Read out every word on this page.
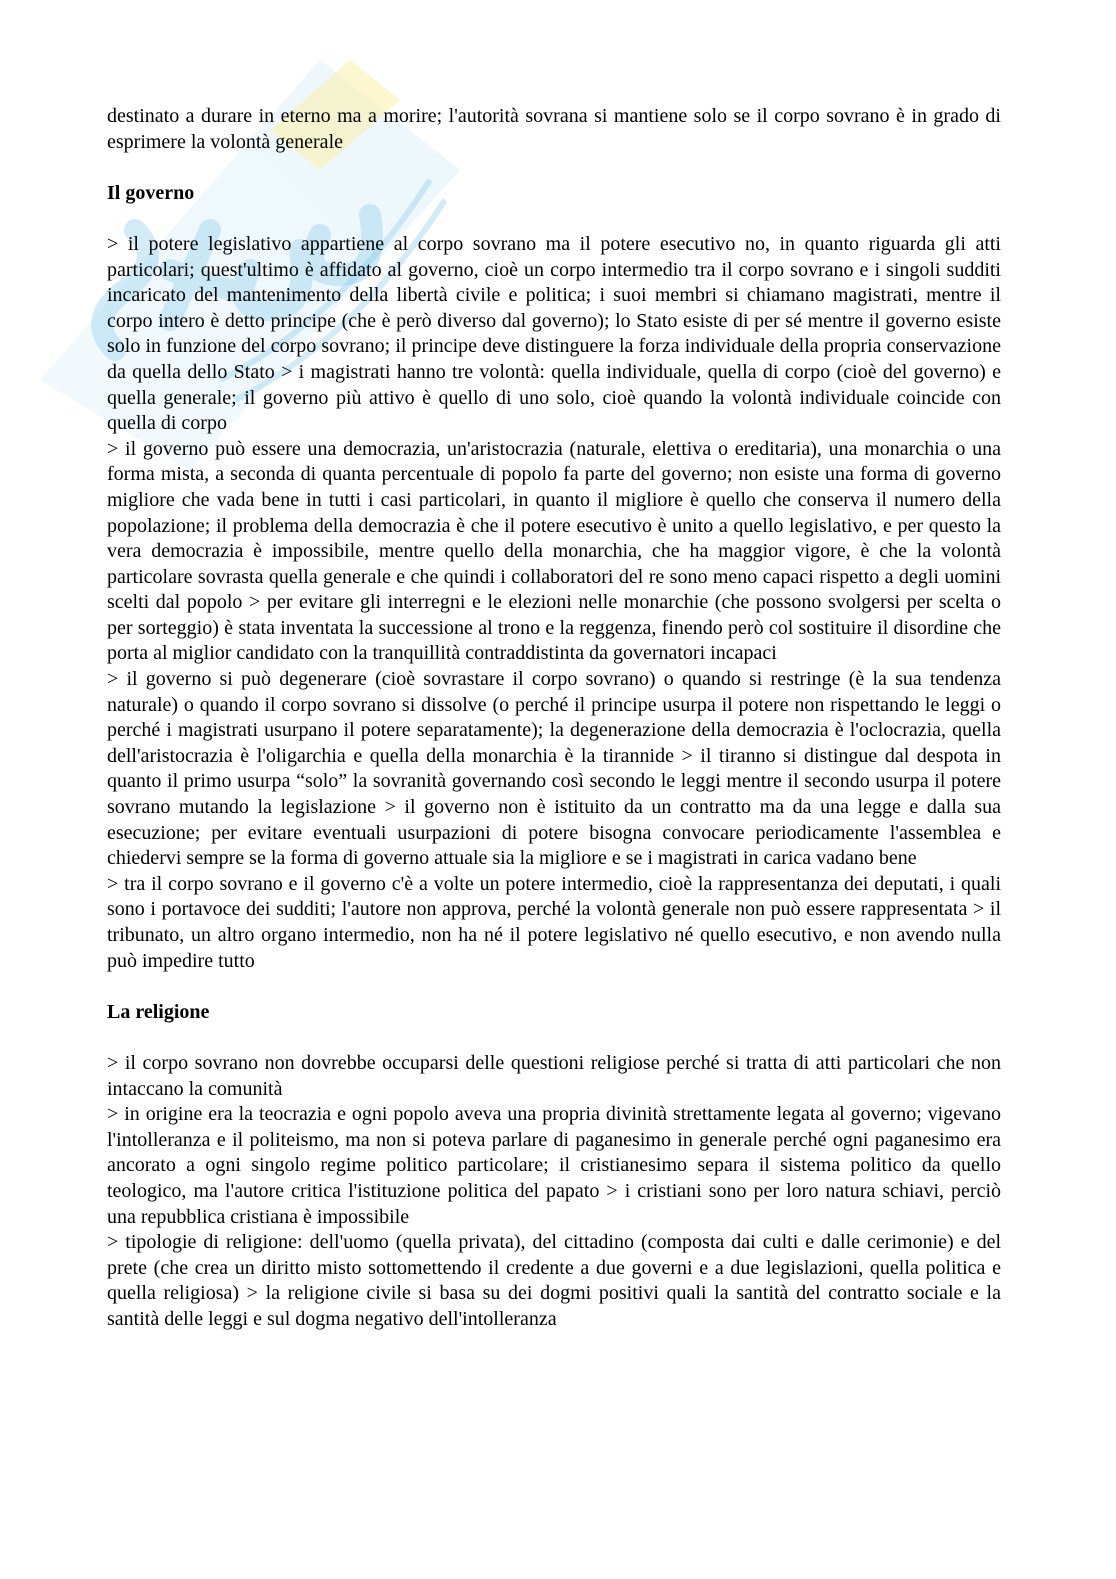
destinato a durare in eterno ma a morire; l'autorità sovrana si mantiene solo se il corpo sovrano è in grado di esprimere la volontà generale

Il governo

> il potere legislativo appartiene al corpo sovrano ma il potere esecutivo no, in quanto riguarda gli atti particolari; quest'ultimo è affidato al governo, cioè un corpo intermedio tra il corpo sovrano e i singoli sudditi incaricato del mantenimento della libertà civile e politica; i suoi membri si chiamano magistrati, mentre il corpo intero è detto principe (che è però diverso dal governo); lo Stato esiste di per sé mentre il governo esiste solo in funzione del corpo sovrano; il principe deve distinguere la forza individuale della propria conservazione da quella dello Stato > i magistrati hanno tre volontà: quella individuale, quella di corpo (cioè del governo) e quella generale; il governo più attivo è quello di uno solo, cioè quando la volontà individuale coincide con quella di corpo

> il governo può essere una democrazia, un'aristocrazia (naturale, elettiva o ereditaria), una monarchia o una forma mista, a seconda di quanta percentuale di popolo fa parte del governo; non esiste una forma di governo migliore che vada bene in tutti i casi particolari, in quanto il migliore è quello che conserva il numero della popolazione; il problema della democrazia è che il potere esecutivo è unito a quello legislativo, e per questo la vera democrazia è impossibile, mentre quello della monarchia, che ha maggior vigore, è che la volontà particolare sovrasta quella generale e che quindi i collaboratori del re sono meno capaci rispetto a degli uomini scelti dal popolo > per evitare gli interregni e le elezioni nelle monarchie (che possono svolgersi per scelta o per sorteggio) è stata inventata la successione al trono e la reggenza, finendo però col sostituire il disordine che porta al miglior candidato con la tranquillità contraddistinta da governatori incapaci

> il governo si può degenerare (cioè sovrastare il corpo sovrano) o quando si restringe (è la sua tendenza naturale) o quando il corpo sovrano si dissolve (o perché il principe usurpa il potere non rispettando le leggi o perché i magistrati usurpano il potere separatamente); la degenerazione della democrazia è l'oclocrazia, quella dell'aristocrazia è l'oligarchia e quella della monarchia è la tirannide > il tiranno si distingue dal despota in quanto il primo usurpa “solo” la sovranità governando così secondo le leggi mentre il secondo usurpa il potere sovrano mutando la legislazione > il governo non è istituito da un contratto ma da una legge e dalla sua esecuzione; per evitare eventuali usurpazioni di potere bisogna convocare periodicamente l'assemblea e chiedervi sempre se la forma di governo attuale sia la migliore e se i magistrati in carica vadano bene

> tra il corpo sovrano e il governo c'è a volte un potere intermedio, cioè la rappresentanza dei deputati, i quali sono i portavoce dei sudditi; l'autore non approva, perché la volontà generale non può essere rappresentata > il tribunato, un altro organo intermedio, non ha né il potere legislativo né quello esecutivo, e non avendo nulla può impedire tutto

La religione

> il corpo sovrano non dovrebbe occuparsi delle questioni religiose perché si tratta di atti particolari che non intaccano la comunità

> in origine era la teocrazia e ogni popolo aveva una propria divinità strettamente legata al governo; vigevano l'intolleranza e il politeismo, ma non si poteva parlare di paganesimo in generale perché ogni paganesimo era ancorato a ogni singolo regime politico particolare; il cristianesimo separa il sistema politico da quello teologico, ma l'autore critica l'istituzione politica del papato > i cristiani sono per loro natura schiavi, perciò una repubblica cristiana è impossibile

> tipologie di religione: dell'uomo (quella privata), del cittadino (composta dai culti e dalle cerimonie) e del prete (che crea un diritto misto sottomettendo il credente a due governi e a due legislazioni, quella politica e quella religiosa) > la religione civile si basa su dei dogmi positivi quali la santità del contratto sociale e la santità delle leggi e sul dogma negativo dell'intolleranza
